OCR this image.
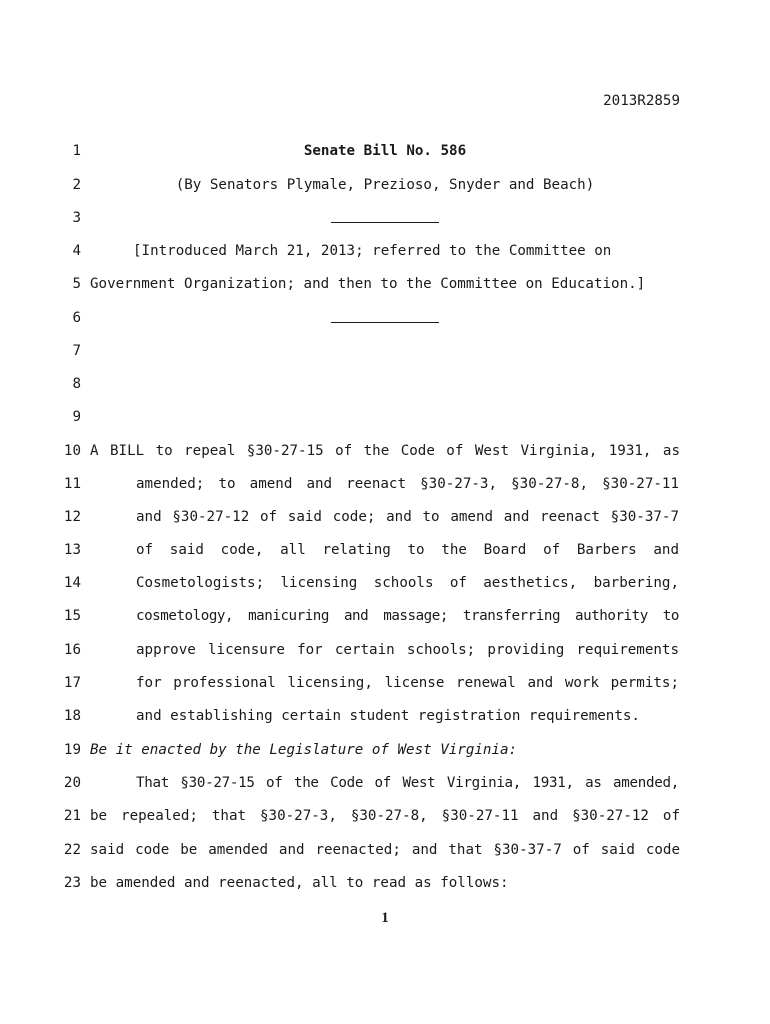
2013R2859
1	Senate Bill No. 586
2	(By Senators Plymale, Prezioso, Snyder and Beach)
3
4	[Introduced March 21, 2013; referred to the Committee on
5 Government Organization; and then to the Committee on Education.]
6
7
8
9
10 A BILL to repeal §30-27-15 of the Code of West Virginia, 1931, as
11	amended; to amend and reenact §30-27-3, §30-27-8, §30-27-11
12	and §30-27-12 of said code; and to amend and reenact §30-37-7
13	of said code, all relating to the Board of Barbers and
14	Cosmetologists; licensing schools of aesthetics, barbering,
15	cosmetology, manicuring and massage; transferring authority to
16	approve licensure for certain schools; providing requirements
17	for professional licensing, license renewal and work permits;
18	and establishing certain student registration requirements.
19 Be it enacted by the Legislature of West Virginia:
20	That §30-27-15 of the Code of West Virginia, 1931, as amended,
21 be repealed; that §30-27-3, §30-27-8, §30-27-11 and §30-27-12 of
22 said code be amended and reenacted; and that §30-37-7 of said code
23 be amended and reenacted, all to read as follows:
1
